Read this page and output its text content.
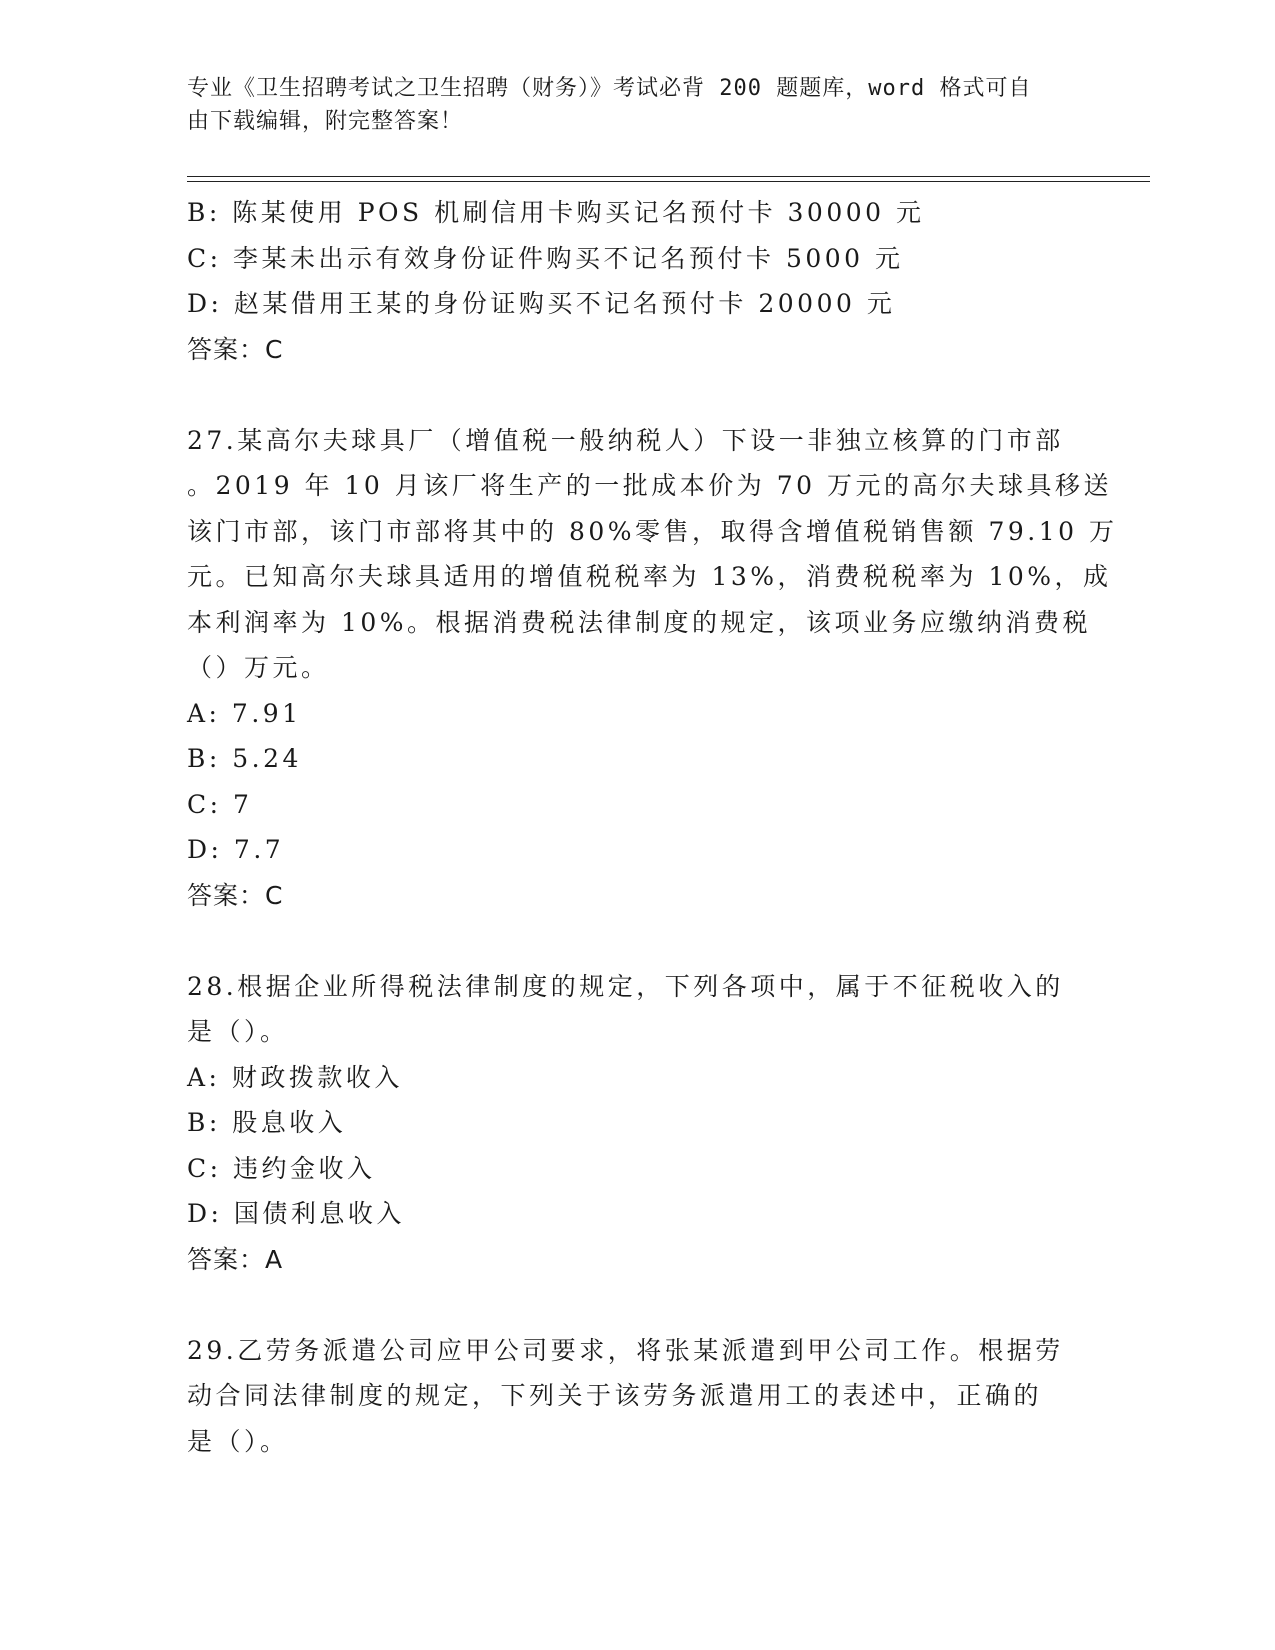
专业《卫生招聘考试之卫生招聘（财务）》考试必背 200 题题库，word 格式可自
由下载编辑，附完整答案！
B: 陈某使用 POS 机刷信用卡购买记名预付卡 30000 元
C: 李某未出示有效身份证件购买不记名预付卡 5000 元
D: 赵某借用王某的身份证购买不记名预付卡 20000 元
答案：C
27.某高尔夫球具厂（增值税一般纳税人）下设一非独立核算的门市部
。2019 年 10 月该厂将生产的一批成本价为 70 万元的高尔夫球具移送
该门市部，该门市部将其中的 80%零售，取得含增值税销售额 79.10 万
元。已知高尔夫球具适用的增值税税率为 13%，消费税税率为 10%，成
本利润率为 10%。根据消费税法律制度的规定，该项业务应缴纳消费税
（）万元。
A: 7.91
B: 5.24
C: 7
D: 7.7
答案：C
28.根据企业所得税法律制度的规定，下列各项中，属于不征税收入的
是（）。
A: 财政拨款收入
B: 股息收入
C: 违约金收入
D: 国债利息收入
答案：A
29.乙劳务派遣公司应甲公司要求，将张某派遣到甲公司工作。根据劳
动合同法律制度的规定，下列关于该劳务派遣用工的表述中，正确的
是（）。
